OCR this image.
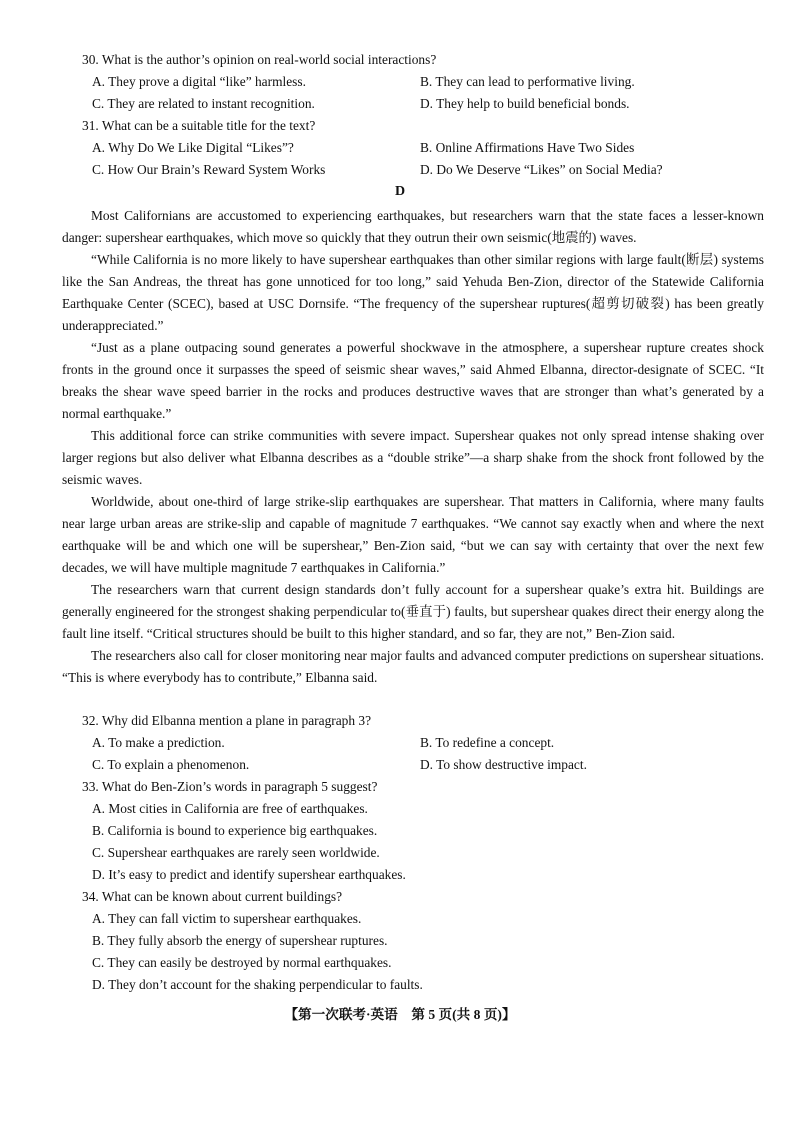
30. What is the author’s opinion on real-world social interactions?
A. They prove a digital “like” harmless.	B. They can lead to performative living.
C. They are related to instant recognition.	D. They help to build beneficial bonds.
31. What can be a suitable title for the text?
A. Why Do We Like Digital “Likes”?	B. Online Affirmations Have Two Sides
C. How Our Brain’s Reward System Works	D. Do We Deserve “Likes” on Social Media?
D

Most Californians are accustomed to experiencing earthquakes, but researchers warn that the state faces a lesser-known danger: supershear earthquakes, which move so quickly that they outrun their own seismic(地震的) waves.

“While California is no more likely to have supershear earthquakes than other similar regions with large fault(断层) systems like the San Andreas, the threat has gone unnoticed for too long,” said Yehuda Ben-Zion, director of the Statewide California Earthquake Center (SCEC), based at USC Dornsife. “The frequency of the supershear ruptures(超剪切破裂) has been greatly underappreciated.”

“Just as a plane outpacing sound generates a powerful shockwave in the atmosphere, a supershear rupture creates shock fronts in the ground once it surpasses the speed of seismic shear waves,” said Ahmed Elbanna, director-designate of SCEC. “It breaks the shear wave speed barrier in the rocks and produces destructive waves that are stronger than what’s generated by a normal earthquake.”

This additional force can strike communities with severe impact. Supershear quakes not only spread intense shaking over larger regions but also deliver what Elbanna describes as a “double strike”—a sharp shake from the shock front followed by the seismic waves.

Worldwide, about one-third of large strike-slip earthquakes are supershear. That matters in California, where many faults near large urban areas are strike-slip and capable of magnitude 7 earthquakes. “We cannot say exactly when and where the next earthquake will be and which one will be supershear,” Ben-Zion said, “but we can say with certainty that over the next few decades, we will have multiple magnitude 7 earthquakes in California.”

The researchers warn that current design standards don’t fully account for a supershear quake’s extra hit. Buildings are generally engineered for the strongest shaking perpendicular to(垂直于) faults, but supershear quakes direct their energy along the fault line itself. “Critical structures should be built to this higher standard, and so far, they are not,” Ben-Zion said.

The researchers also call for closer monitoring near major faults and advanced computer predictions on supershear situations. “This is where everybody has to contribute,” Elbanna said.

32. Why did Elbanna mention a plane in paragraph 3?
A. To make a prediction.	B. To redefine a concept.
C. To explain a phenomenon.	D. To show destructive impact.
33. What do Ben-Zion’s words in paragraph 5 suggest?
A. Most cities in California are free of earthquakes.
B. California is bound to experience big earthquakes.
C. Supershear earthquakes are rarely seen worldwide.
D. It’s easy to predict and identify supershear earthquakes.
34. What can be known about current buildings?
A. They can fall victim to supershear earthquakes.
B. They fully absorb the energy of supershear ruptures.
C. They can easily be destroyed by normal earthquakes.
D. They don’t account for the shaking perpendicular to faults.
【第一次联考·英语　第 5 页(共 8 页)】
